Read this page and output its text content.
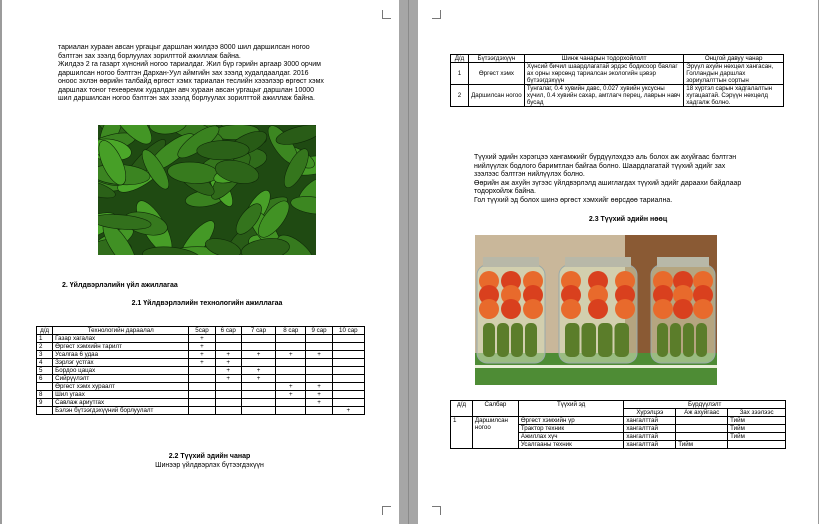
тариалан хураан авсан ургацыг даршлан жилдээ 8000 шил даршилсан ногоо

бэлтгэн зах зээлд борлуулах зорилттой ажиллаж байна.

Жилдээ 2 га газарт хүнсний ногоо тариалдаг. Жил бүр гэрийн аргаар 3000 орчим

даршилсан ногоо бэлтгэн Дархан-Уул аймгийн зах зээлд худалдаалдаг. 2016

оноос эхлэн өөрийн талбайд өргөст хэмх тариалан теслийн хэээлээр өргөст хэмх

даршлах тоног техеөремж худалдан авч хураан авсан ургацыг даршлан 10000

шил даршилсан ногоо бэлтгэн зах зээлд борлуулах зорилттой ажиллаж байна.

2. Үйлдвэрлэлийн үйл ажиллагаа
2.1 Үйлдвэрлэлийн технологийн ажиллагаа
д/д	Технологийн дараалал	5сар	6 сар	7 сар	8 сар	9 сар	10 сар
1	Газар хагалах	+					
2	Өргөст хэмхийн тарилт	+					
3	Усалгаа 6 удаа	+	+	+	+	+	
4	Зэрлэг устгах	+	+				
5	Бордоо цацах		+	+			
6	Сийрүүлэлт		+	+			
	Өргөст хэмх хураалт				+	+	
8	Шил угаах				+	+	
9	Савлаж ариутгах					+	
	Бэлэн бүтээгдэхүүний борлуулалт						+
2.2 Түүхий эдийн чанар
Шинээр үйлдвэрлэх бүтээгдэхүүн
Д/д	Бүтээгдэхүүн	Шинж чанарын тодорхойлолт	Онцгой давуу чанар
1	Өргөст хэмх	Хүнсий бичил шаардлагатай эрдэс бодисоор баялаг ах орны хөрсөнд тариалсан экологийн цэвэр бүтээгдэхүүн	Эрүүл ахуйн нөхцөл хангасан, Голландын даршлах зориулалттын сортын
2	Даршилсан ногоо	Тунгалаг, 0.4 хувийн давс, 0.027 хувийн уксусны хүчил, 0.4 хувийн сахар, амтлагч перец, лаврын навч бусад	18 хүртэл сарын хадгалалтын хугацаатай. Сэрүүн нөхцөлд хадгалж болно.

Түүхий эдийн хэрэгцээ хангамжийг бүрдүүлэхдээ аль болох аж ахуйгаас бэлтгэн

нийлүүлэх бодлого баримтлан байгаа болно. Шаардлагатай түүхий эдийг зах

зээлээс бэлтгэн нийлүүлэх болно.

Өөрийн аж ахуйн зүгээс үйлдвэрлэлд ашиглагдах түүхий эдийг дараахи байдлаар

тодорхойлж байна.

Гол түүхий эд болох шинэ өргөст хэмхийг өөрсдөө тариална.

2.3 Түүхий эдийн нөөц
д/д	Салбар	Түүхий эд	Бүрдүүлэлт		
			Хурэлцээ	Аж ахуйгаас	Зах зээлээс
1	Даршилсан ногоо	Өргөст хэмхийн үр	хангалттай		Тийм
		Трактор техник	хангалттай		Тийм
		Ажиллах хүч	хангалттай		Тийм
		Усалгааны техник	хангалттай	Тийм	
